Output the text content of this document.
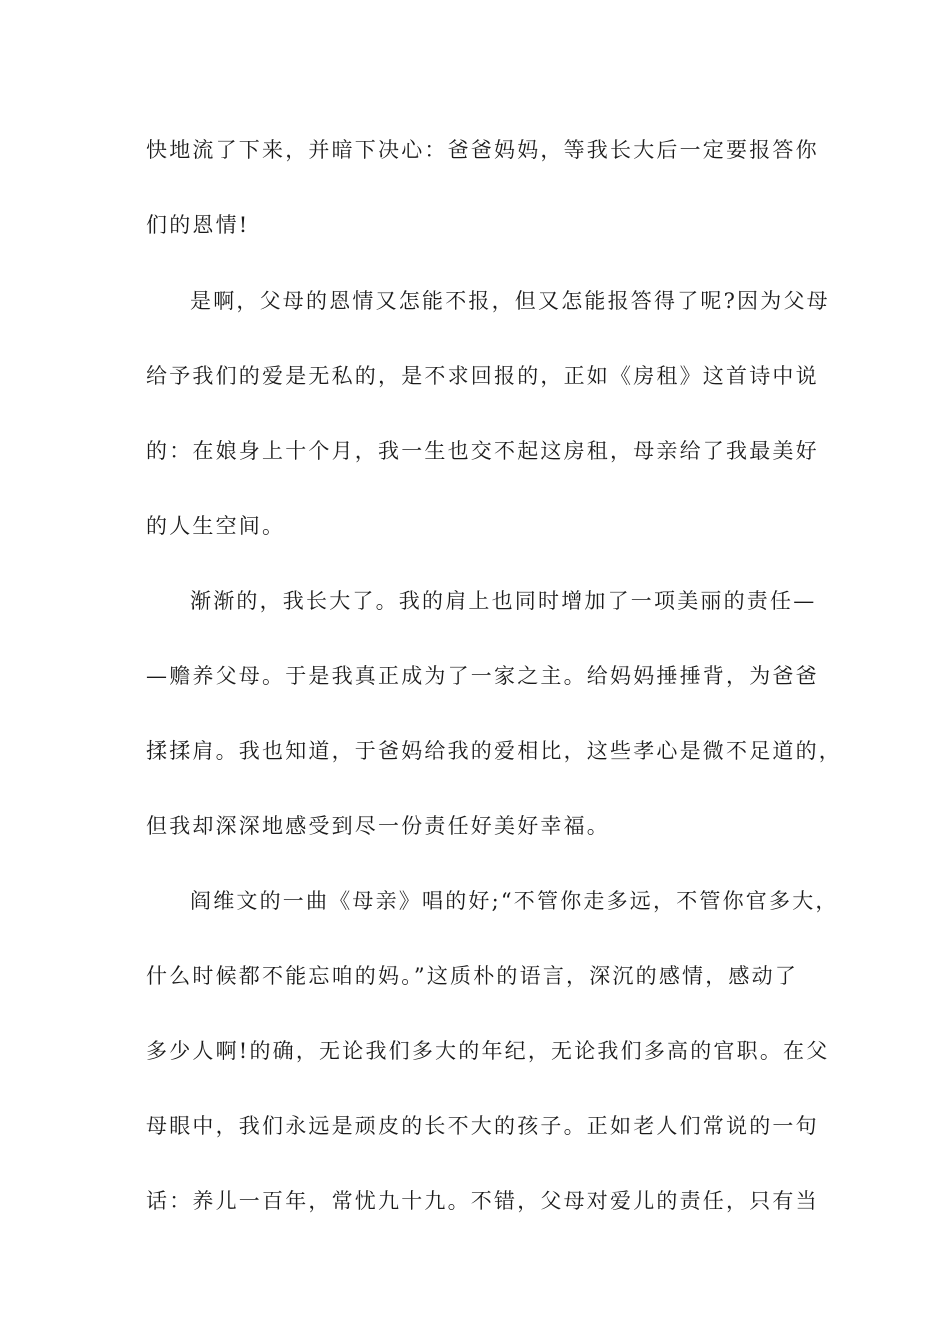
快地流了下来，并暗下决心：爸爸妈妈，等我长大后一定要报答你
们的恩情!
是啊，父母的恩情又怎能不报，但又怎能报答得了呢?因为父母
给予我们的爱是无私的，是不求回报的，正如《房租》这首诗中说
的：在娘身上十个月，我一生也交不起这房租，母亲给了我最美好
的人生空间。
渐渐的，我长大了。我的肩上也同时增加了一项美丽的责任—
—赡养父母。于是我真正成为了一家之主。给妈妈捶捶背，为爸爸
揉揉肩。我也知道，于爸妈给我的爱相比，这些孝心是微不足道的，
但我却深深地感受到尽一份责任好美好幸福。
阎维文的一曲《母亲》唱的好;“不管你走多远，不管你官多大，
什么时候都不能忘咱的妈。”这质朴的语言，深沉的感情，感动了
多少人啊!的确，无论我们多大的年纪，无论我们多高的官职。在父
母眼中，我们永远是顽皮的长不大的孩子。正如老人们常说的一句
话：养儿一百年，常忧九十九。不错，父母对爱儿的责任，只有当
